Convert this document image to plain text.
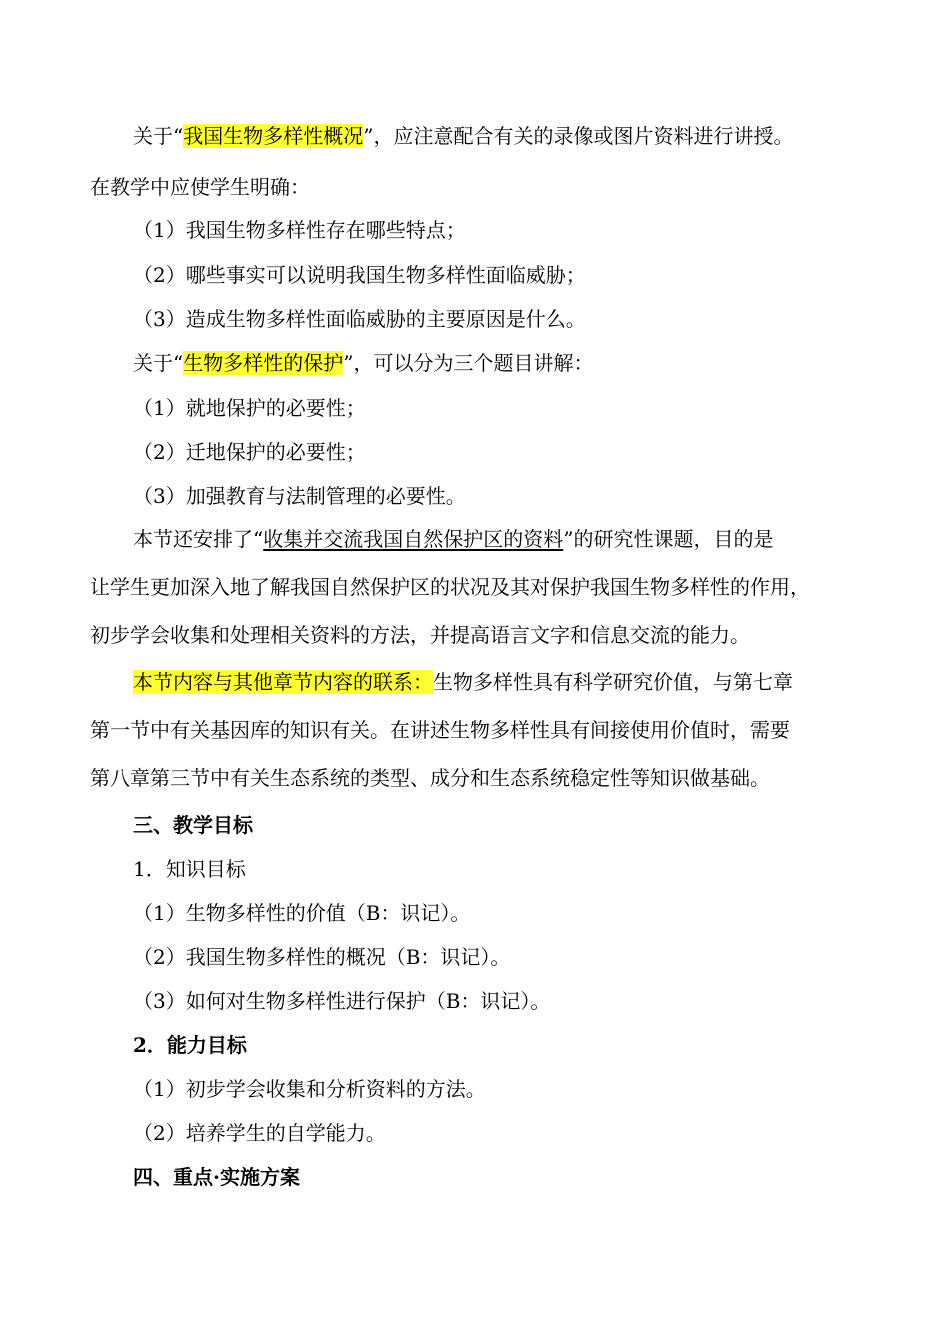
关于“我国生物多样性概况”，应注意配合有关的录像或图片资料进行讲授。
在教学中应使学生明确：
（1）我国生物多样性存在哪些特点；
（2）哪些事实可以说明我国生物多样性面临威胁；
（3）造成生物多样性面临威胁的主要原因是什么。
关于“生物多样性的保护”，可以分为三个题目讲解：
（1）就地保护的必要性；
（2）迁地保护的必要性；
（3）加强教育与法制管理的必要性。
本节还安排了“收集并交流我国自然保护区的资料”的研究性课题，目的是
让学生更加深入地了解我国自然保护区的状况及其对保护我国生物多样性的作用，
初步学会收集和处理相关资料的方法，并提高语言文字和信息交流的能力。
本节内容与其他章节内容的联系：生物多样性具有科学研究价值，与第七章
第一节中有关基因库的知识有关。在讲述生物多样性具有间接使用价值时，需要
第八章第三节中有关生态系统的类型、成分和生态系统稳定性等知识做基础。
三、教学目标
1．知识目标
（1）生物多样性的价值（B：识记）。
（2）我国生物多样性的概况（B：识记）。
（3）如何对生物多样性进行保护（B：识记）。
2．能力目标
（1）初步学会收集和分析资料的方法。
（2）培养学生的自学能力。
四、重点·实施方案
